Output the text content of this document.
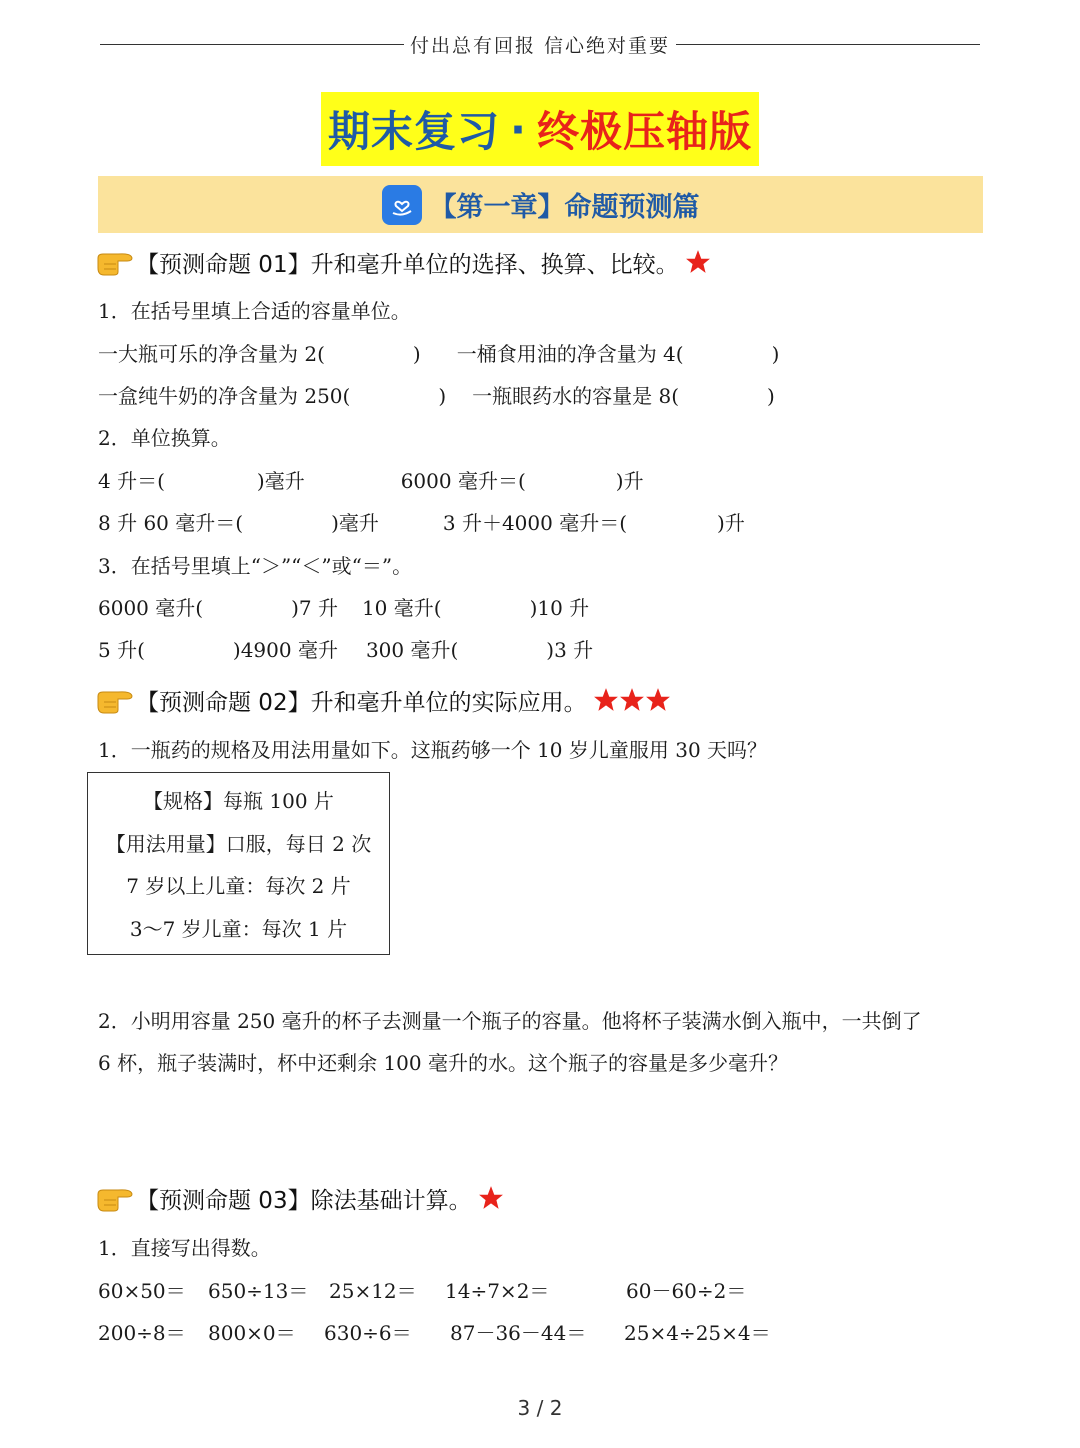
付出总有回报 信心绝对重要
期末复习 · 终极压轴版
【第一章】命题预测篇
【预测命题 01】升和毫升单位的选择、换算、比较。
1．在括号里填上合适的容量单位。
一大瓶可乐的净含量为 2(	) 一桶食用油的净含量为 4(	)
一盒纯牛奶的净含量为 250(	) 一瓶眼药水的容量是 8(	)
2．单位换算。
4 升＝(	)毫升	6000 毫升＝(	)升
8 升 60 毫升＝(	)毫升	3 升＋4000 毫升＝(	)升
3．在括号里填上“＞”“＜”或“＝”。
6000 毫升(	)7 升 10 毫升(	)10 升
5 升(	)4900 毫升 300 毫升(	)3 升
【预测命题 02】升和毫升单位的实际应用。
1．一瓶药的规格及用法用量如下。这瓶药够一个 10 岁儿童服用 30 天吗？
【规格】每瓶 100 片
【用法用量】口服，每日 2 次
7 岁以上儿童：每次 2 片
3～7 岁儿童：每次 1 片
2．小明用容量 250 毫升的杯子去测量一个瓶子的容量。他将杯子装满水倒入瓶中，一共倒了
6 杯，瓶子装满时，杯中还剩余 100 毫升的水。这个瓶子的容量是多少毫升？
【预测命题 03】除法基础计算。
1．直接写出得数。
60×50＝ 650÷13＝ 25×12＝ 14÷7×2＝	60－60÷2＝
200÷8＝ 800×0＝ 630÷6＝ 87－36－44＝ 25×4÷25×4＝
3 / 2
